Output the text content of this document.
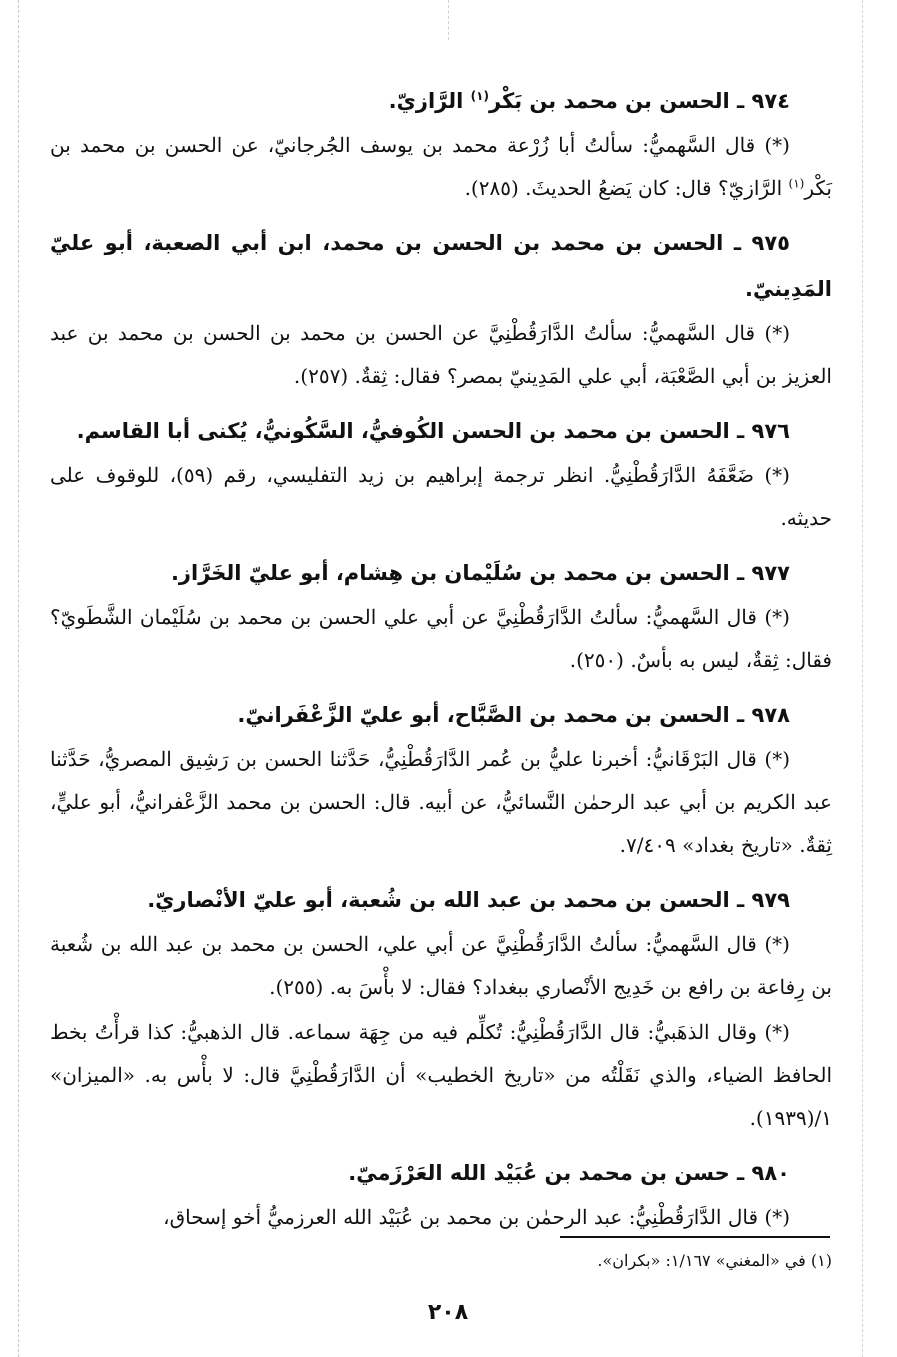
٩٧٤ ـ الحسن بن محمد بن بَكْر$^{(١)}$ الرَّازيّ.

(*) قال السَّهميُّ: سألتُ أبا زُرْعة محمد بن يوسف الجُرجانيّ، عن الحسن بن محمد بن بَكْر$^{(١)}$ الرَّازيّ؟ قال: كان يَضعُ الحديثَ. (٢٨٥).

٩٧٥ ـ الحسن بن محمد بن الحسن بن محمد، ابن أبي الصعبة، أبو عليّ المَدِينيّ.

(*) قال السَّهميُّ: سألتُ الدَّارَقُطْنِيَّ عن الحسن بن محمد بن الحسن بن محمد بن عبد العزيز بن أبي الصَّعْبَة، أبي علي المَدِينيّ بمصر؟ فقال: ثِقةٌ. (٢٥٧).

٩٧٦ ـ الحسن بن محمد بن الحسن الكُوفيُّ، السَّكُونيُّ، يُكنى أبا القاسم.

(*) ضَعَّفَهُ الدَّارَقُطْنِيُّ. انظر ترجمة إبراهيم بن زيد التفليسي، رقم (٥٩)، للوقوف على حديثه.

٩٧٧ ـ الحسن بن محمد بن سُلَيْمان بن هِشام، أبو عليّ الخَرَّاز.

(*) قال السَّهميُّ: سألتُ الدَّارَقُطْنِيَّ عن أبي علي الحسن بن محمد بن سُلَيْمان الشَّطَويّ؟ فقال: ثِقةٌ، ليس به بأسٌ. (٢٥٠).

٩٧٨ ـ الحسن بن محمد بن الصَّبَّاح، أبو عليّ الزَّعْفَرانيّ.

(*) قال البَرْقَانيُّ: أخبرنا عليُّ بن عُمر الدَّارَقُطْنِيُّ، حَدَّثنا الحسن بن رَشِيق المصريُّ، حَدَّثنا عبد الكريم بن أبي عبد الرحمٰن النَّسائيُّ، عن أبيه. قال: الحسن بن محمد الزَّعْفرانيُّ، أبو عليٍّ، ثِقةٌ. «تاريخ بغداد» ٧/٤٠٩.

٩٧٩ ـ الحسن بن محمد بن عبد الله بن شُعبة، أبو عليّ الأنْصاريّ.

(*) قال السَّهميُّ: سألتُ الدَّارَقُطْنِيَّ عن أبي علي، الحسن بن محمد بن عبد الله بن شُعبة بن رِفاعة بن رافع بن خَدِيج الأنْصاري ببغداد؟ فقال: لا بأْسَ به. (٢٥٥).

(*) وقال الذهَبيُّ: قال الدَّارَقُطْنِيُّ: تُكلِّم فيه من جِهَة سماعه. قال الذهبيُّ: كذا قرأْتُ بخط الحافظ الضياء، والذي نَقَلْتُه من «تاريخ الخطيب» أن الدَّارَقُطْنِيَّ قال: لا بأْس به. «الميزان» ١/(١٩٣٩).

٩٨٠ ـ حسن بن محمد بن عُبَيْد الله العَرْزَميّ.

(*) قال الدَّارَقُطْنِيُّ: عبد الرحمٰن بن محمد بن عُبَيْد الله العرزميُّ أخو إسحاق،

(١) في «المغني» ١/١٦٧: «بكران».
٢٠٨
